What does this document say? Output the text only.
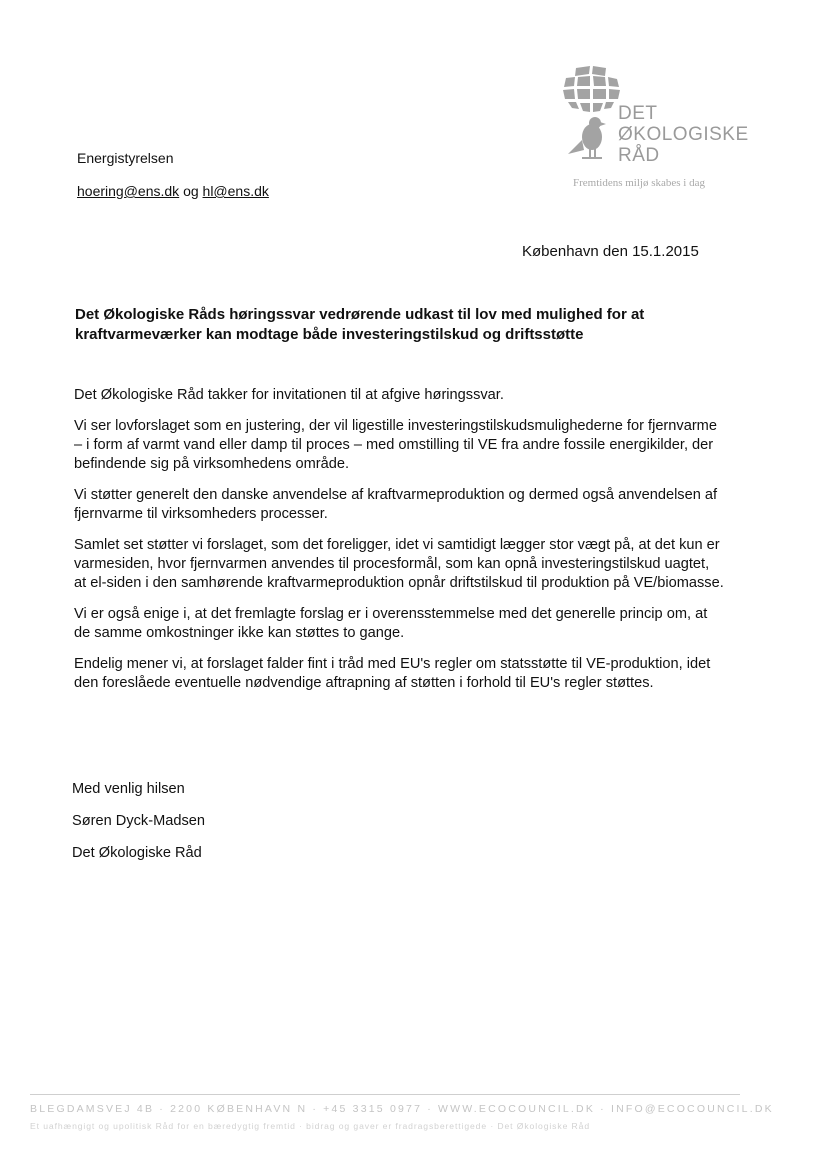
DET
ØKOLOGISKE
RÅD
Fremtidens miljø skabes i dag
Energistyrelsen
hoering@ens.dk og hl@ens.dk
København den 15.1.2015
Det Økologiske Råds høringssvar vedrørende udkast til lov med mulighed for at kraftvarmeværker kan modtage både investeringstilskud og driftsstøtte

Det Økologiske Råd takker for invitationen til at afgive høringssvar.

Vi ser lovforslaget som en justering, der vil ligestille investeringstilskudsmulighederne for fjernvarme – i form af varmt vand eller damp til proces – med omstilling til VE fra andre fossile energikilder, der befindende sig på virksomhedens område.

Vi støtter generelt den danske anvendelse af kraftvarmeproduktion og dermed også anvendelsen af fjernvarme til virksomheders processer.

Samlet set støtter vi forslaget, som det foreligger, idet vi samtidigt lægger stor vægt på, at det kun er varmesiden, hvor fjernvarmen anvendes til procesformål, som kan opnå investeringstilskud uagtet, at el-siden i den samhørende kraftvarmeproduktion opnår driftstilskud til produktion på VE/biomasse.

Vi er også enige i, at det fremlagte forslag er i overensstemmelse med det generelle princip om, at de samme omkostninger ikke kan støttes to gange.

Endelig mener vi, at forslaget falder fint i tråd med EU's regler om statsstøtte til VE-produktion, idet den foreslåede eventuelle nødvendige aftrapning af støtten i forhold til EU's regler støttes.

Med venlig hilsen
Søren Dyck-Madsen
Det Økologiske Råd
BLEGDAMSVEJ 4B · 2200 KØBENHAVN N · +45 3315 0977 · WWW.ECOCOUNCIL.DK · INFO@ECOCOUNCIL.DK
Et uafhængigt og upolitisk Råd for en bæredygtig fremtid · bidrag og gaver er fradragsberettigede · Det Økologiske Råd
